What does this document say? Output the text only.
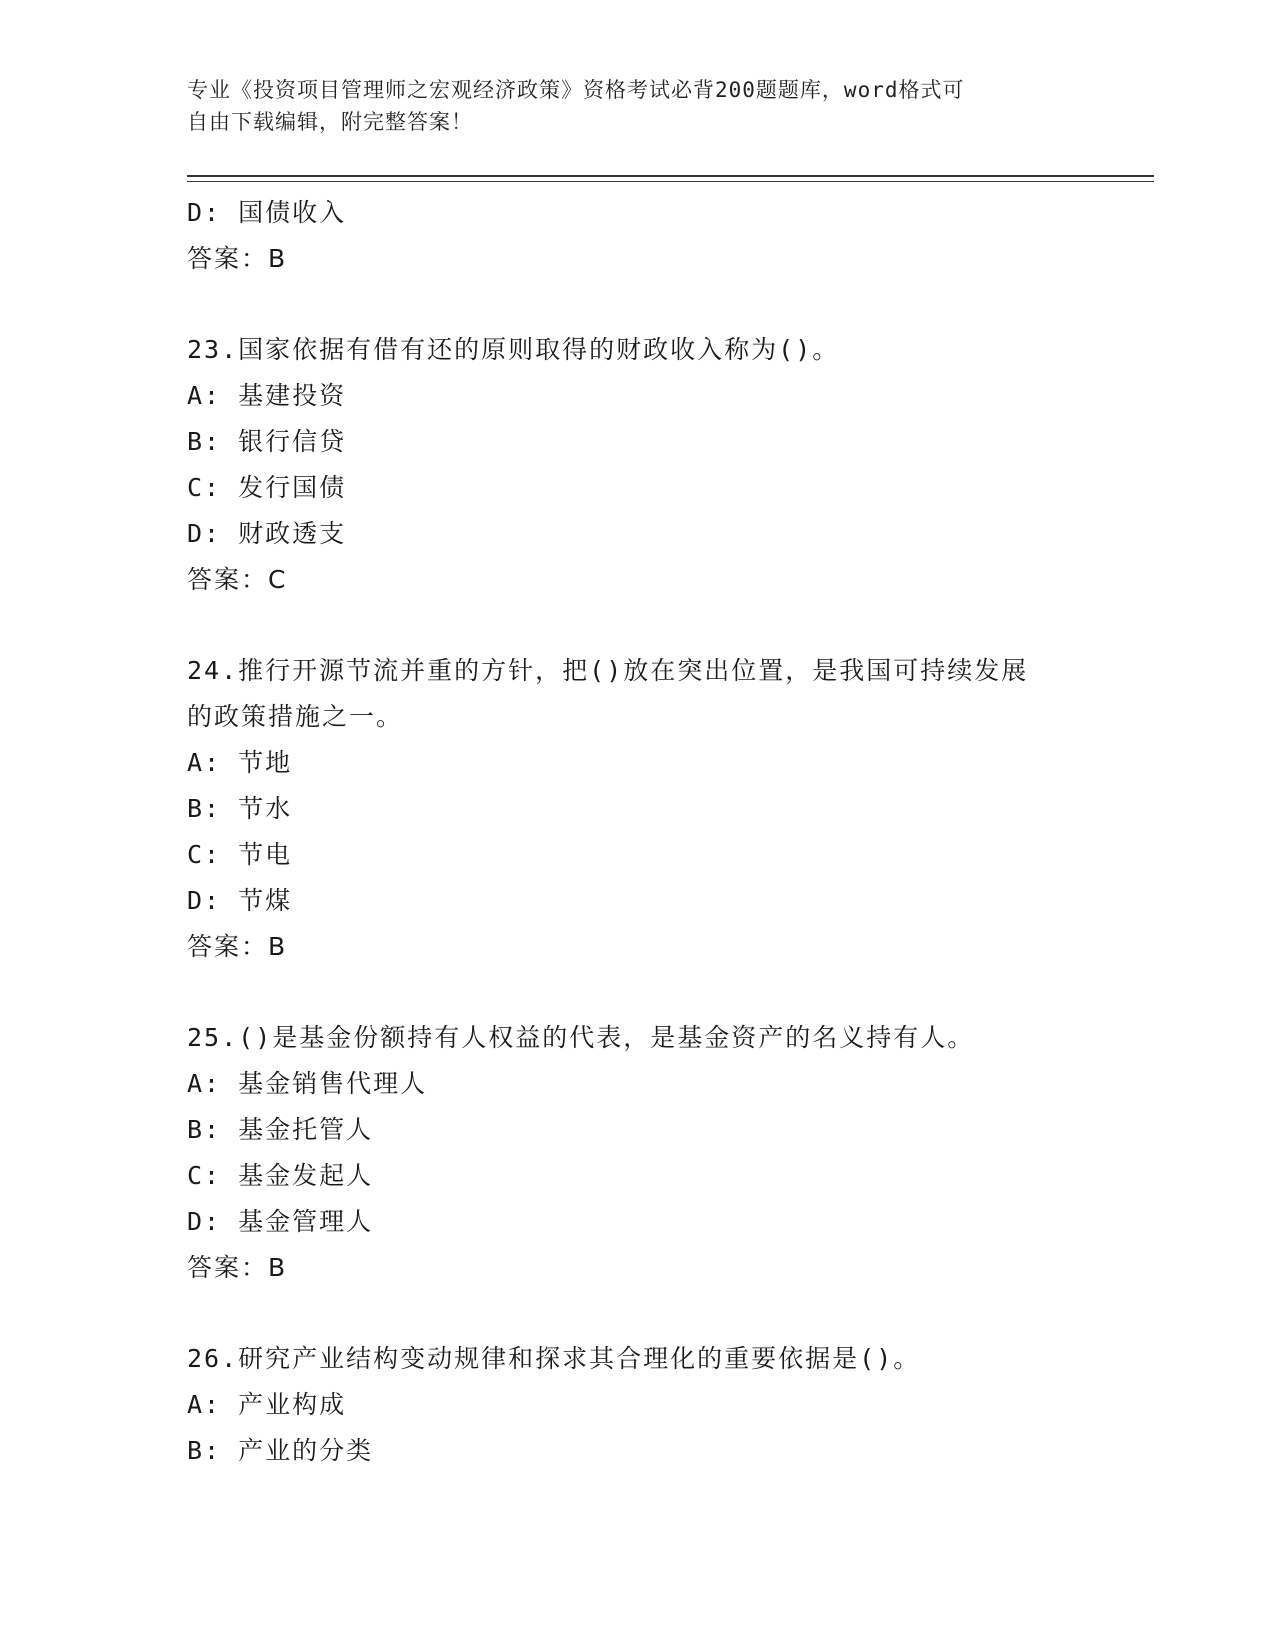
专业《投资项目管理师之宏观经济政策》资格考试必背200题题库，word格式可
自由下载编辑，附完整答案！
D: 国债收入
答案：B
23.国家依据有借有还的原则取得的财政收入称为()。
A: 基建投资
B: 银行信贷
C: 发行国债
D: 财政透支
答案：C
24.推行开源节流并重的方针，把()放在突出位置，是我国可持续发展
的政策措施之一。
A: 节地
B: 节水
C: 节电
D: 节煤
答案：B
25.()是基金份额持有人权益的代表，是基金资产的名义持有人。
A: 基金销售代理人
B: 基金托管人
C: 基金发起人
D: 基金管理人
答案：B
26.研究产业结构变动规律和探求其合理化的重要依据是()。
A: 产业构成
B: 产业的分类
